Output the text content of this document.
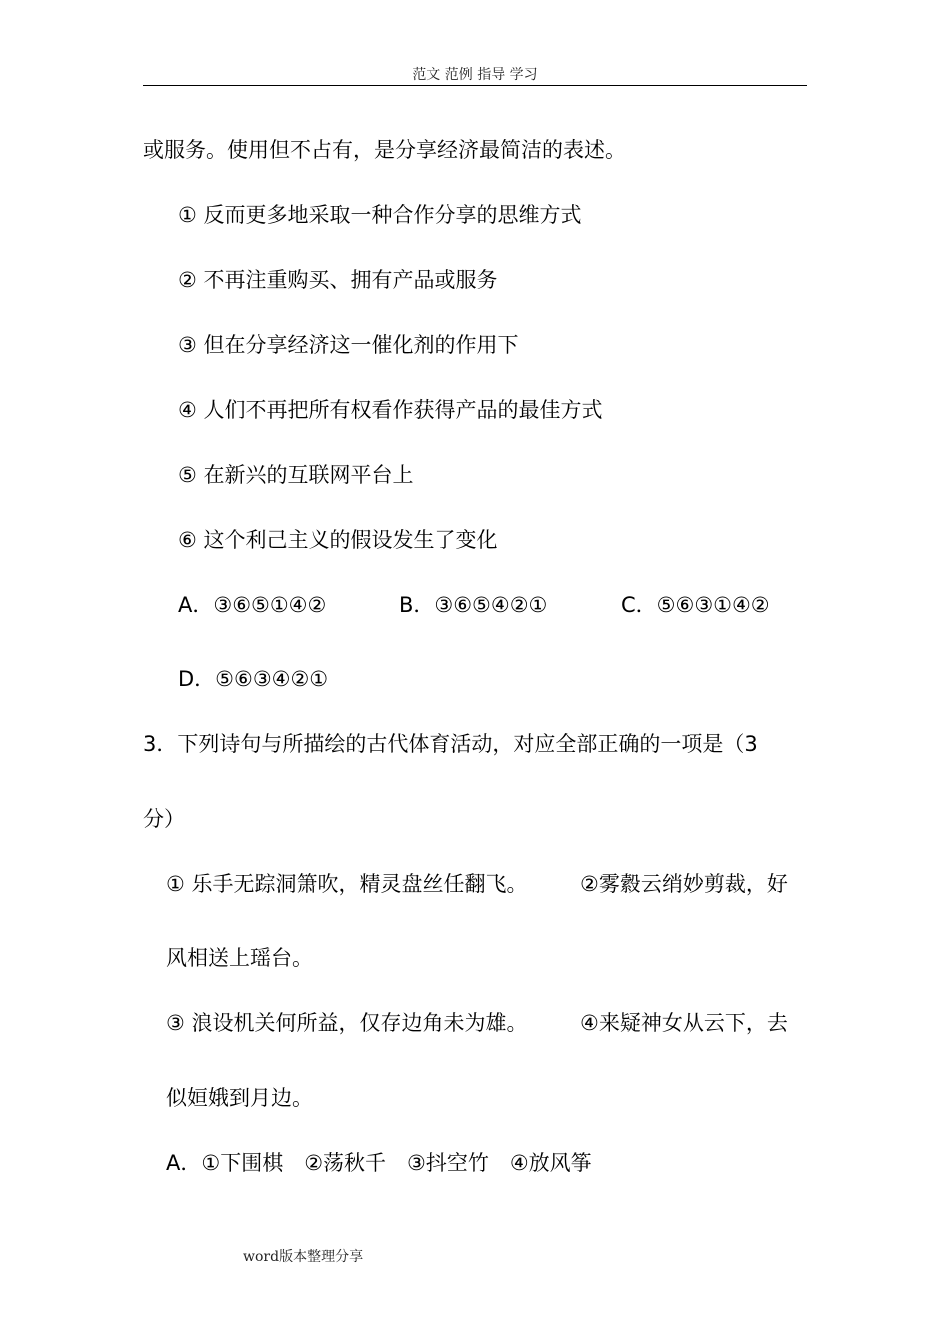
范文 范例 指导 学习
或服务。使用但不占有，是分享经济最简洁的表述。
① 反而更多地采取一种合作分享的思维方式
② 不再注重购买、拥有产品或服务
③ 但在分享经济这一催化剂的作用下
④ 人们不再把所有权看作获得产品的最佳方式
⑤ 在新兴的互联网平台上
⑥ 这个利己主义的假设发生了变化
A．③⑥⑤①④②	B．③⑥⑤④②①	C．⑤⑥③①④②
D．⑤⑥③④②①
3．下列诗句与所描绘的古代体育活动，对应全部正确的一项是（3
分）
① 乐手无踪洞箫吹，精灵盘丝任翻飞。	②雾縠云绡妙剪裁，好
风相送上瑶台。
③ 浪设机关何所益，仅存边角未为雄。	④来疑神女从云下，去
似姮娥到月边。
A．①下围棋　②荡秋千　③抖空竹　④放风筝
word版本整理分享
